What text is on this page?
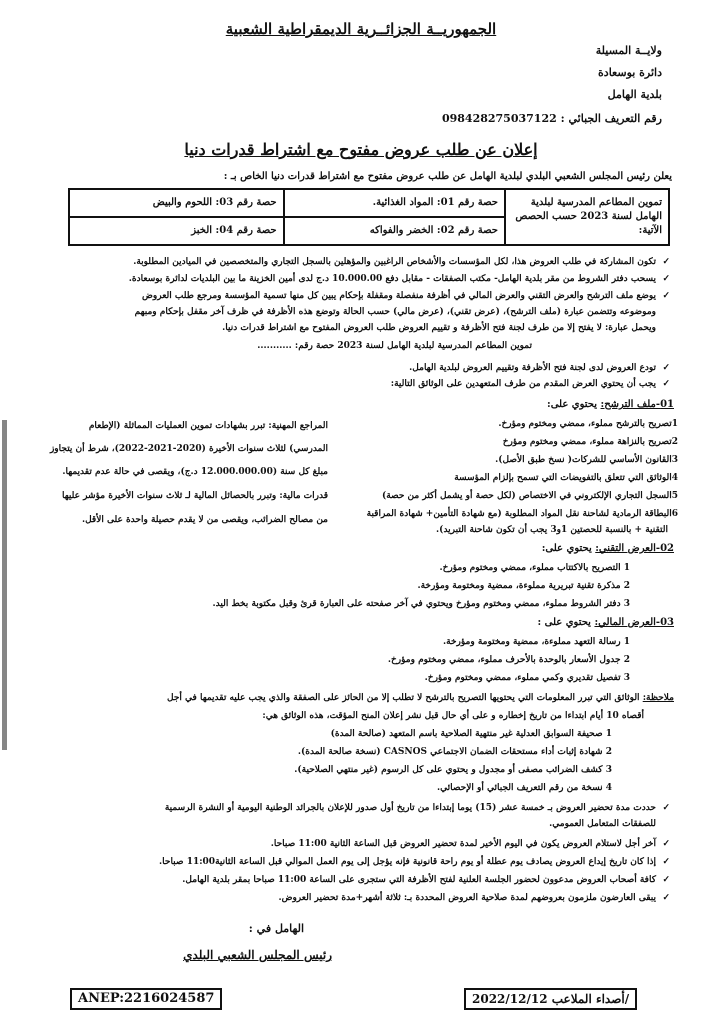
الجمهوريــة الجزائــرية الديمقراطية الشعبية
ولايــة المسيلة
دائرة بوسعادة
بلدية الهامل
رقم التعريف الجبائي : 098428275037122
إعلان عن طلب عروض مفتوح مع اشتراط قدرات دنيا
يعلن رئيس المجلس الشعبي البلدي لبلدية الهامل عن طلب عروض مفتوح مع اشتراط قدرات دنيا الخاص بـ :
تموين المطاعم المدرسية لبلدية الهامل لسنة 2023 حسب الحصص الآتية:	حصة رقم 01: المواد الغذائية.	حصة رقم 03: اللحوم والبيض
	حصة رقم 02: الخضر والفواكه	حصة رقم 04: الخبز
✓تكون المشاركة في طلب العروض هذا، لكل المؤسسات والأشخاص الراغبين والمؤهلين بالسجل التجاري والمتخصصين في الميادين المطلوبة.
✓يسحب دفتر الشروط من مقر بلدية الهامل- مكتب الصفقات - مقابل دفع 10.000.00 د.ج لدى أمين الخزينة ما بين البلديات لدائرة بوسعادة.
✓يوضع ملف الترشح والعرض التقني والعرض المالي في أظرفة منفصلة ومقفلة بإحكام يبين كل منها تسمية المؤسسة ومرجع طلب العروض
وموضوعه وتتضمن عبارة (ملف الترشح)، (عرض تقني)، (عرض مالي) حسب الحالة وتوضع هذه الأظرفة في ظرف آخر مقفل بإحكام ومبهم
ويحمل عبارة: لا يفتح إلا من طرف لجنة فتح الأظرفة و تقييم العروض طلب العروض المفتوح مع اشتراط قدرات دنيا.
تموين المطاعم المدرسية لبلدية الهامل لسنة 2023 حصة رقم: ...........
✓تودع العروض لدى لجنة فتح الأظرفة وتقييم العروض لبلدية الهامل.
✓يجب أن يحتوي العرض المقدم من طرف المتعهدين على الوثائق التالية:
01-ملف الترشح: يحتوي على:
1تصريح بالترشح مملوء، ممضي ومختوم ومؤرخ.
2تصريح بالنزاهة مملوء، ممضي ومختوم ومؤرخ
3القانون الأساسي للشركات( نسخ طبق الأصل).
4الوثائق التي تتعلق بالتفويضات التي تسمح بإلزام المؤسسة
5السجل التجاري الإلكتروني في الاختصاص (لكل حصة أو يشمل أكثر من حصة)
6البطاقة الرمادية لشاحنة نقل المواد المطلوبة (مع شهادة التأمين+ شهادة المراقبة
التقنية + بالنسبة للحصتين 1و3 يجب أن تكون شاحنة التبريد).
المراجع المهنية: تبرر بشهادات تموين العمليات المماثلة (الإطعام
المدرسي) لثلاث سنوات الأخيرة (2020-2021-2022)، شرط أن يتجاوز
مبلغ كل سنة (12.000.000.00 د.ج)، ويقصى في حالة عدم تقديمها.
قدرات مالية: وتبرر بالحصائل المالية لـ ثلاث سنوات الأخيرة مؤشر عليها
من مصالح الضرائب، ويقصى من لا يقدم حصيلة واحدة على الأقل.
02-العرض التقني: يحتوي على:
1 التصريح بالاكتتاب مملوء، ممضي ومختوم ومؤرخ.
2 مذكرة تقنية تبريرية مملوءة، ممضية ومختومة ومؤرخة.
3 دفتر الشروط مملوء، ممضي ومختوم ومؤرخ ويحتوي في آخر صفحته على العبارة قرئ وقبل مكتوبة بخط اليد.
03-العرض المالي: يحتوي على :
1 رسالة التعهد مملوءة، ممضية ومختومة ومؤرخة.
2 جدول الأسعار بالوحدة بالأحرف مملوء، ممضي ومختوم ومؤرخ.
3 تفصيل تقديري وكمي مملوء، ممضي ومختوم ومؤرخ.
ملاحظة: الوثائق التي تبرر المعلومات التي يحتويها التصريح بالترشح لا تطلب إلا من الحائز على الصفقة والذي يجب عليه تقديمها في أجل
أقصاه 10 أيام ابتداءا من تاريخ إخطاره و على أي حال قبل نشر إعلان المنح المؤقت، هذه الوثائق هي:
1 صحيفة السوابق العدلية غير منتهية الصلاحية باسم المتعهد (صالحة المدة)
2 شهادة إثبات أداء مستحقات الضمان الاجتماعي CASNOS (نسخة صالحة المدة).
3 كشف الضرائب مصفى أو مجدول و يحتوي على كل الرسوم (غير منتهي الصلاحية).
4 نسخة من رقم التعريف الجبائي أو الإحصائي.
✓حددت مدة تحضير العروض بـ خمسة عشر (15) يوما إبتداءا من تاريخ أول صدور للإعلان بالجرائد الوطنية اليومية أو النشرة الرسمية
للصفقات المتعامل العمومي.
✓آخر أجل لاستلام العروض يكون في اليوم الأخير لمدة تحضير العروض قبل الساعة الثانية 11:00 صباحا.
✓إذا كان تاريخ إيداع العروض يصادف يوم عطلة أو يوم راحة قانونية فإنه يؤجل إلى يوم العمل الموالي قبل الساعة الثانية11:00 صباحا.
✓كافة أصحاب العروض مدعوون لحضور الجلسة العلنية لفتح الأظرفة التي ستجرى على الساعة 11:00 صباحا بمقر بلدية الهامل.
✓يبقى العارضون ملزمون بعروضهم لمدة صلاحية العروض المحددة بـ: ثلاثة أشهر+مدة تحضير العروض.
الهامل في :
رئيس المجلس الشعبي البلدي
ANEP:2216024587	/أصداء الملاعب 2022/12/12
